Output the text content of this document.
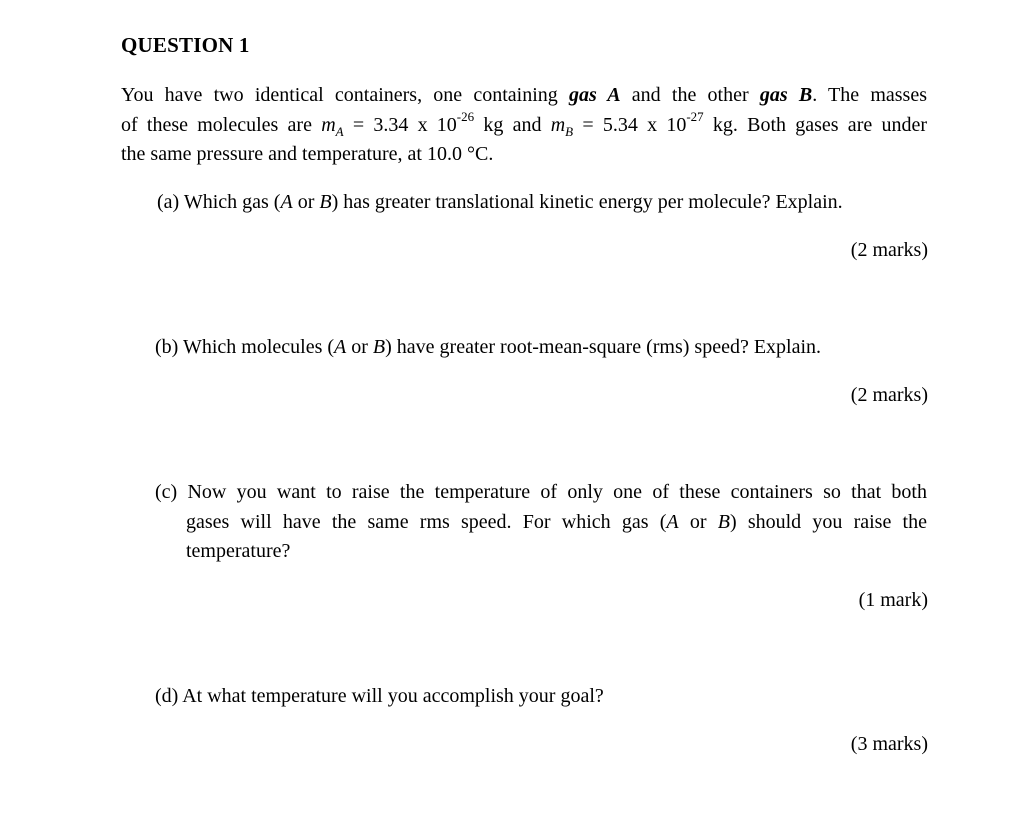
QUESTION 1
You have two identical containers, one containing gas A and the other gas B. The masses
of these molecules are $m_A = 3.34$ x $10^{-26}$ kg and $m_B = 5.34$ x $10^{-27}$ kg. Both gases are under
the same pressure and temperature, at 10.0 °C.
(a) Which gas (A or B) has greater translational kinetic energy per molecule? Explain.
(2 marks)
(b) Which molecules (A or B) have greater root-mean-square (rms) speed? Explain.
(2 marks)
(c) Now you want to raise the temperature of only one of these containers so that both
gases will have the same rms speed. For which gas (A or B) should you raise the
temperature?
(1 mark)
(d) At what temperature will you accomplish your goal?
(3 marks)
